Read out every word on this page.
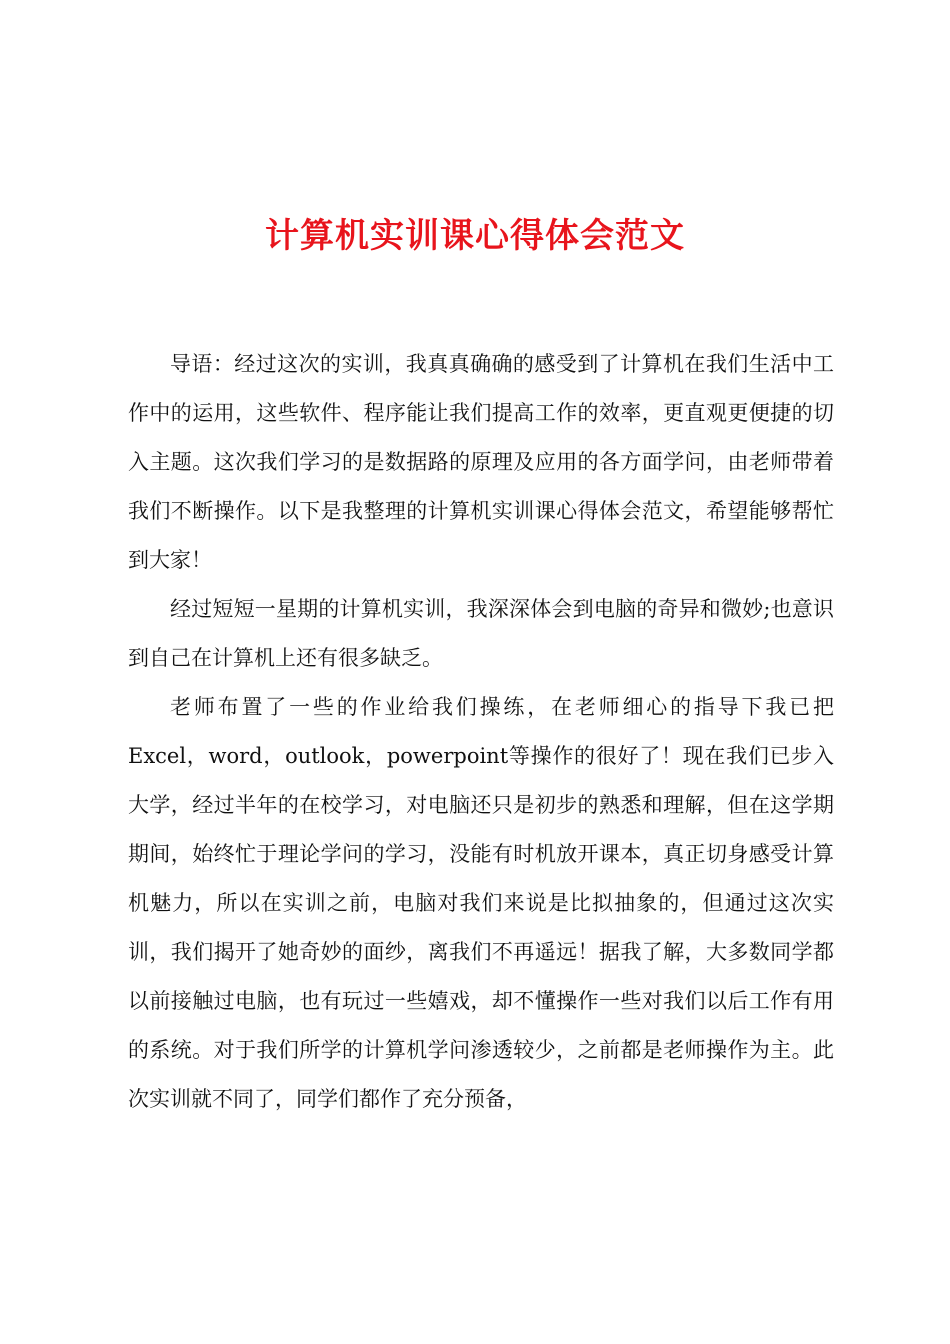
计算机实训课心得体会范文

导语：经过这次的实训，我真真确确的感受到了计算机在我们生活中工作中的运用，这些软件、程序能让我们提高工作的效率，更直观更便捷的切入主题。这次我们学习的是数据路的原理及应用的各方面学问，由老师带着我们不断操作。以下是我整理的计算机实训课心得体会范文，希望能够帮忙到大家！

经过短短一星期的计算机实训，我深深体会到电脑的奇异和微妙;也意识到自己在计算机上还有很多缺乏。

老师布置了一些的作业给我们操练，在老师细心的指导下我已把Excel，word，outlook，powerpoint等操作的很好了！现在我们已步入大学，经过半年的在校学习，对电脑还只是初步的熟悉和理解，但在这学期期间，始终忙于理论学问的学习，没能有时机放开课本，真正切身感受计算机魅力，所以在实训之前，电脑对我们来说是比拟抽象的，但通过这次实训，我们揭开了她奇妙的面纱，离我们不再遥远！据我了解，大多数同学都以前接触过电脑，也有玩过一些嬉戏，却不懂操作一些对我们以后工作有用的系统。对于我们所学的计算机学问渗透较少，之前都是老师操作为主。此次实训就不同了，同学们都作了充分预备，
